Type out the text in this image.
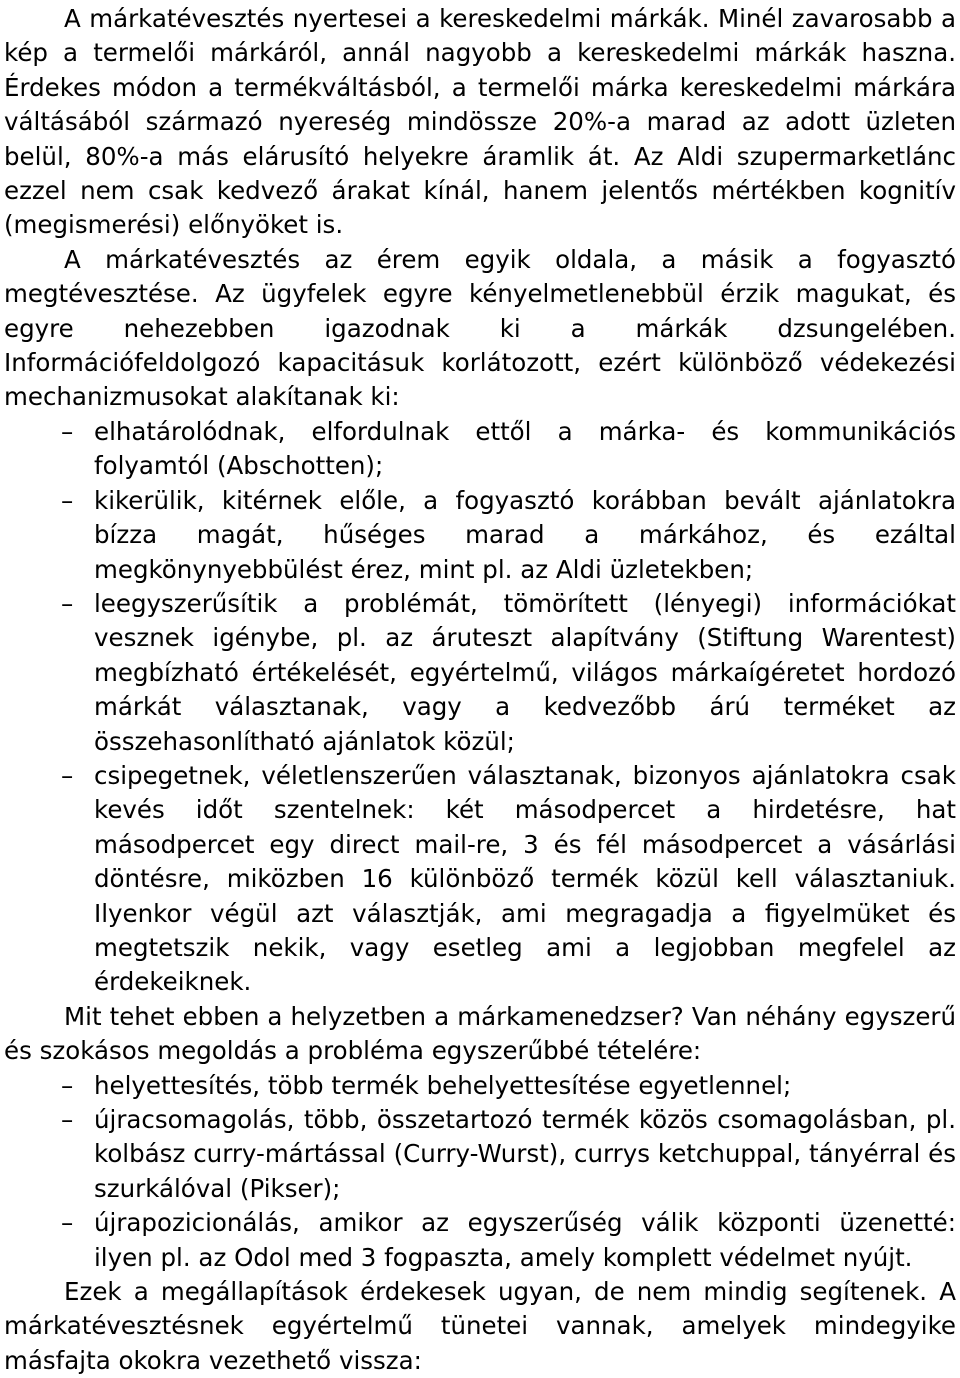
A márkatévesztés nyertesei a kereskedelmi márkák. Minél zavarosabb a kép a termelői márkáról, annál nagyobb a kereskedelmi márkák haszna. Érdekes módon a termékváltásból, a termelői márka kereskedelmi márkára váltásából származó nyereség mindössze 20%-a marad az adott üzleten belül, 80%-a más elárusító helyekre áramlik át. Az Aldi szupermarketlánc ezzel nem csak kedvező árakat kínál, hanem jelentős mértékben kognitív (megismerési) előnyöket is.

A márkatévesztés az érem egyik oldala, a másik a fogyasztó megtévesztése. Az ügyfelek egyre kényelmetlenebbül érzik magukat, és egyre nehezebben igazodnak ki a márkák dzsungelében. Információfeldolgozó kapacitásuk korlátozott, ezért különböző védekezési mechanizmusokat alakítanak ki:

– elhatárolódnak, elfordulnak ettől a márka- és kommunikációs folyamtól (Abschotten);
– kikerülik, kitérnek előle, a fogyasztó korábban bevált ajánlatokra bízza magát, hűséges marad a márkához, és ezáltal megkönynyebbülést érez, mint pl. az Aldi üzletekben;
– leegyszerűsítik a problémát, tömörített (lényegi) információkat vesznek igénybe, pl. az áruteszt alapítvány (Stiftung Warentest) megbízható értékelését, egyértelmű, világos márkaígéretet hordozó márkát választanak, vagy a kedvezőbb árú terméket az összehasonlítható ajánlatok közül;
– csipegetnek, véletlenszerűen választanak, bizonyos ajánlatokra csak kevés időt szentelnek: két másodpercet a hirdetésre, hat másodpercet egy direct mail-re, 3 és fél másodpercet a vásárlási döntésre, miközben 16 különböző termék közül kell választaniuk. Ilyenkor végül azt választják, ami megragadja a figyelmüket és megtetszik nekik, vagy esetleg ami a legjobban megfelel az érdekeiknek.

Mit tehet ebben a helyzetben a márkamenedzser? Van néhány egyszerű és szokásos megoldás a probléma egyszerűbbé tételére:

– helyettesítés, több termék behelyettesítése egyetlennel;
– újracsomagolás, több, összetartozó termék közös csomagolásban, pl. kolbász curry-mártással (Curry-Wurst), currys ketchuppal, tányérral és szurkálóval (Pikser);
– újrapozicionálás, amikor az egyszerűség válik központi üzenetté: ilyen pl. az Odol med 3 fogpaszta, amely komplett védelmet nyújt.

Ezek a megállapítások érdekesek ugyan, de nem mindig segítenek. A márkatévesztésnek egyértelmű tünetei vannak, amelyek mindegyike másfajta okokra vezethető vissza:
